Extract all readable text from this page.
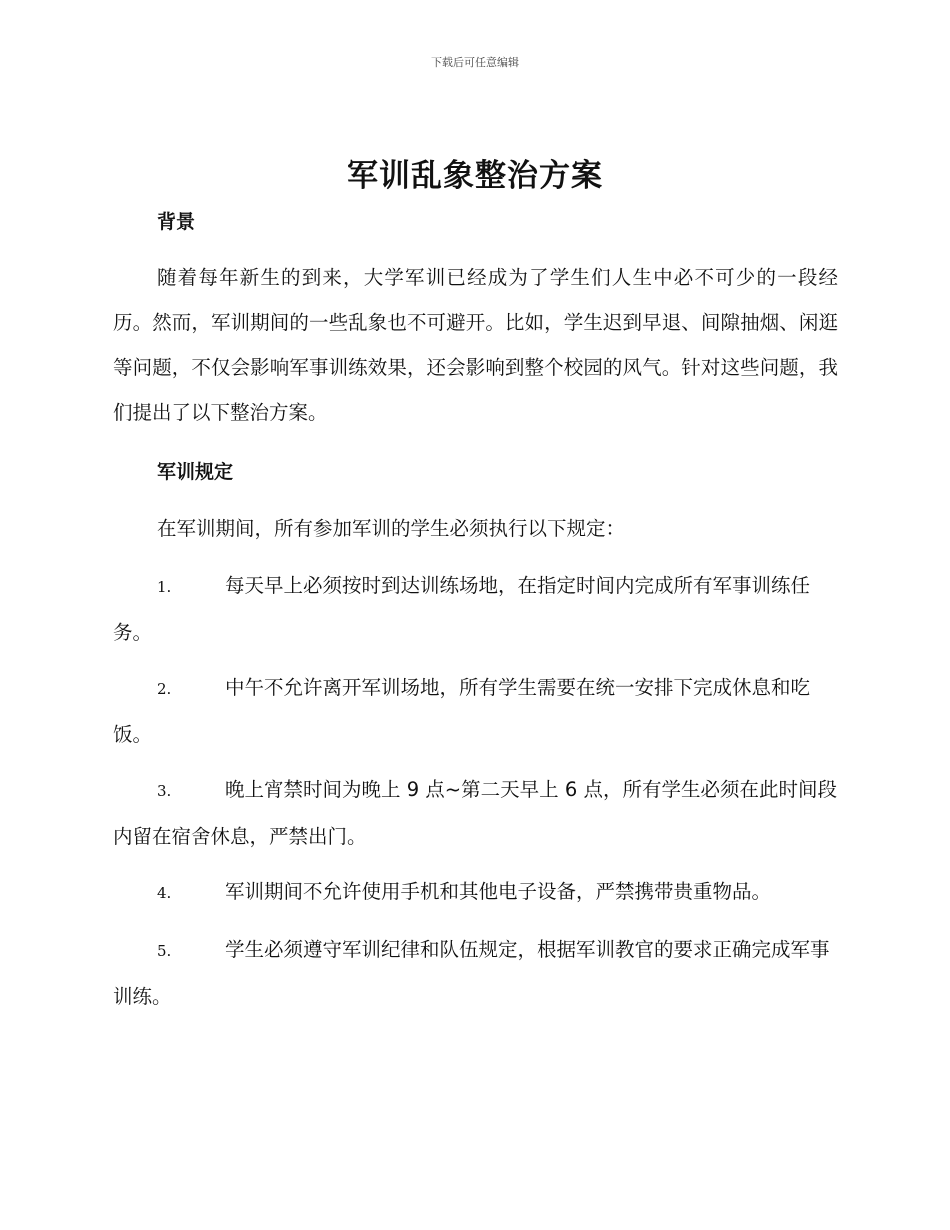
下载后可任意编辑
军训乱象整治方案
背景

随着每年新生的到来，大学军训已经成为了学生们人生中必不可少的一段经历。然而，军训期间的一些乱象也不可避开。比如，学生迟到早退、间隙抽烟、闲逛等问题，不仅会影响军事训练效果，还会影响到整个校园的风气。针对这些问题，我们提出了以下整治方案。

军训规定

在军训期间，所有参加军训的学生必须执行以下规定：

1.	每天早上必须按时到达训练场地，在指定时间内完成所有军事训练任务。

2.	中午不允许离开军训场地，所有学生需要在统一安排下完成休息和吃饭。

3.	晚上宵禁时间为晚上 9 点~第二天早上 6 点，所有学生必须在此时间段内留在宿舍休息，严禁出门。

4.	军训期间不允许使用手机和其他电子设备，严禁携带贵重物品。

5.	学生必须遵守军训纪律和队伍规定，根据军训教官的要求正确完成军事训练。
